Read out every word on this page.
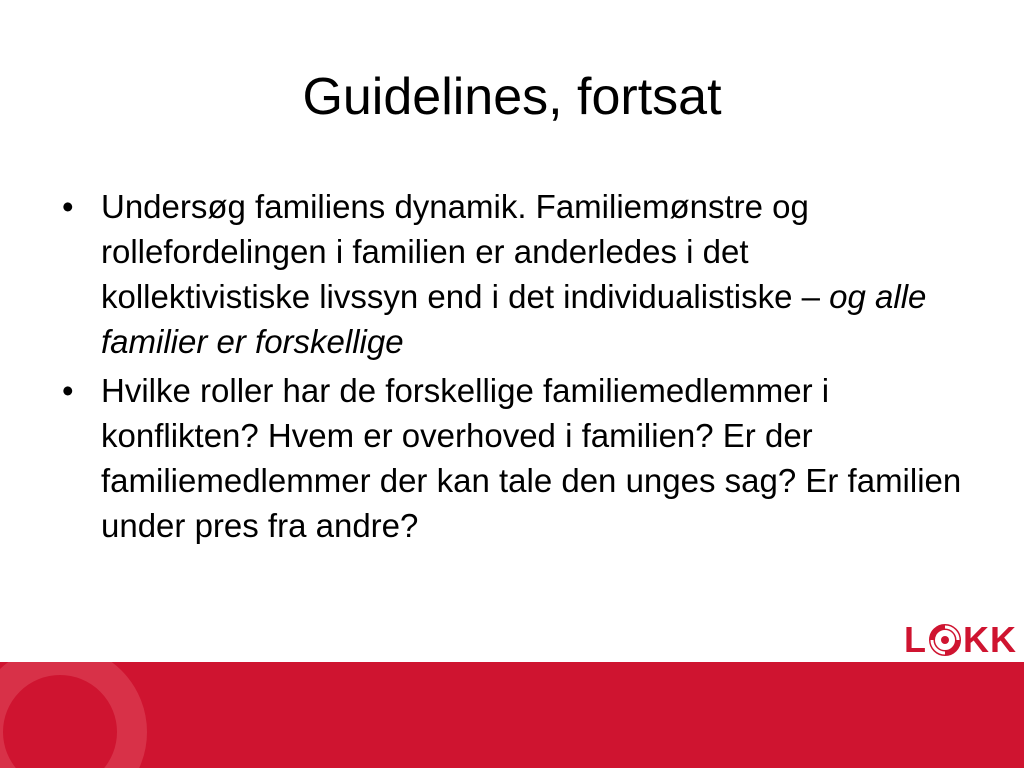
Guidelines, fortsat
• Undersøg familiens dynamik. Familiemønstre og rollefordelingen i familien er anderledes i det kollektivistiske livssyn end i det individualistiske – og alle familier er forskellige
• Hvilke roller har de forskellige familiemedlemmer i konflikten? Hvem er overhoved i familien? Er der familiemedlemmer der kan tale den unges sag? Er familien under pres fra andre?
L KK
